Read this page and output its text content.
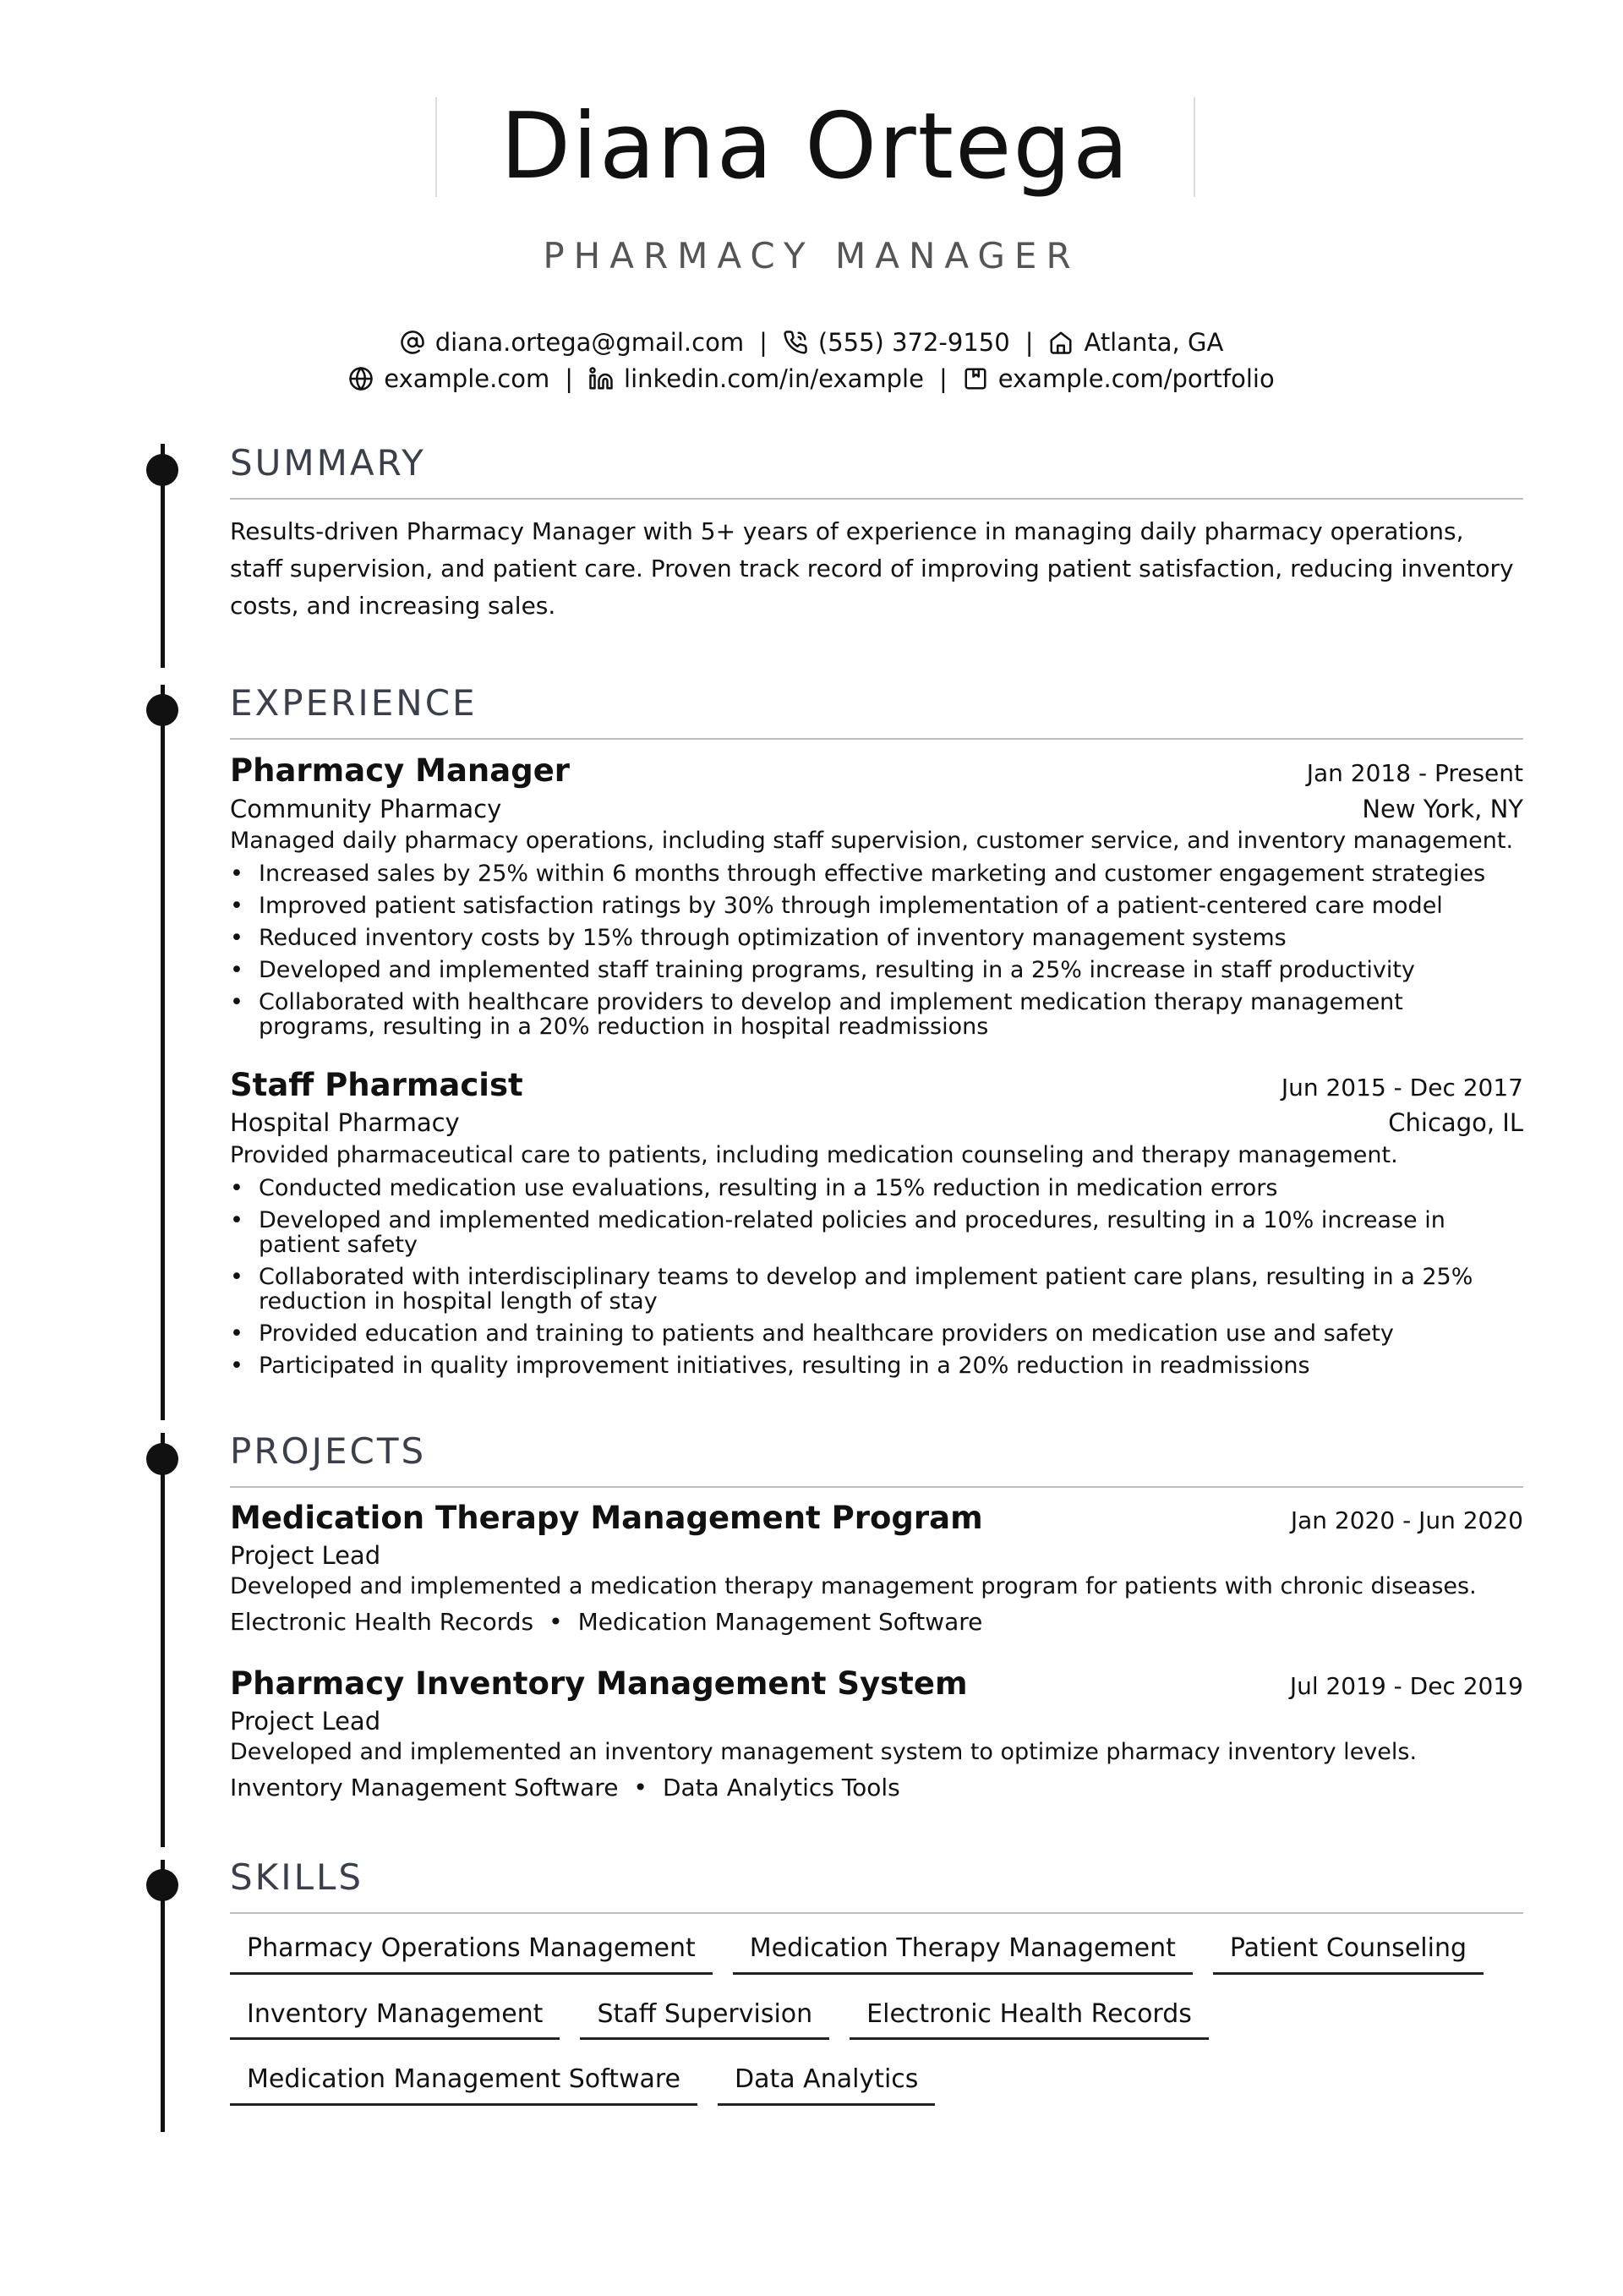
Diana Ortega
PHARMACY MANAGER
diana.ortega@gmail.com | (555) 372-9150 | Atlanta, GA
example.com | linkedin.com/in/example | example.com/portfolio
SUMMARY
Results-driven Pharmacy Manager with 5+ years of experience in managing daily pharmacy operations, staff supervision, and patient care. Proven track record of improving patient satisfaction, reducing inventory costs, and increasing sales.
EXPERIENCE
Pharmacy Manager	Jan 2018 - Present
Community Pharmacy	New York, NY
Managed daily pharmacy operations, including staff supervision, customer service, and inventory management.
• Increased sales by 25% within 6 months through effective marketing and customer engagement strategies
• Improved patient satisfaction ratings by 30% through implementation of a patient-centered care model
• Reduced inventory costs by 15% through optimization of inventory management systems
• Developed and implemented staff training programs, resulting in a 25% increase in staff productivity
• Collaborated with healthcare providers to develop and implement medication therapy management programs, resulting in a 20% reduction in hospital readmissions
Staff Pharmacist	Jun 2015 - Dec 2017
Hospital Pharmacy	Chicago, IL
Provided pharmaceutical care to patients, including medication counseling and therapy management.
• Conducted medication use evaluations, resulting in a 15% reduction in medication errors
• Developed and implemented medication-related policies and procedures, resulting in a 10% increase in patient safety
• Collaborated with interdisciplinary teams to develop and implement patient care plans, resulting in a 25% reduction in hospital length of stay
• Provided education and training to patients and healthcare providers on medication use and safety
• Participated in quality improvement initiatives, resulting in a 20% reduction in readmissions
PROJECTS
Medication Therapy Management Program	Jan 2020 - Jun 2020
Project Lead
Developed and implemented a medication therapy management program for patients with chronic diseases.
Electronic Health Records • Medication Management Software
Pharmacy Inventory Management System	Jul 2019 - Dec 2019
Project Lead
Developed and implemented an inventory management system to optimize pharmacy inventory levels.
Inventory Management Software • Data Analytics Tools
SKILLS
Pharmacy Operations Management	Medication Therapy Management	Patient Counseling
Inventory Management	Staff Supervision	Electronic Health Records
Medication Management Software	Data Analytics
